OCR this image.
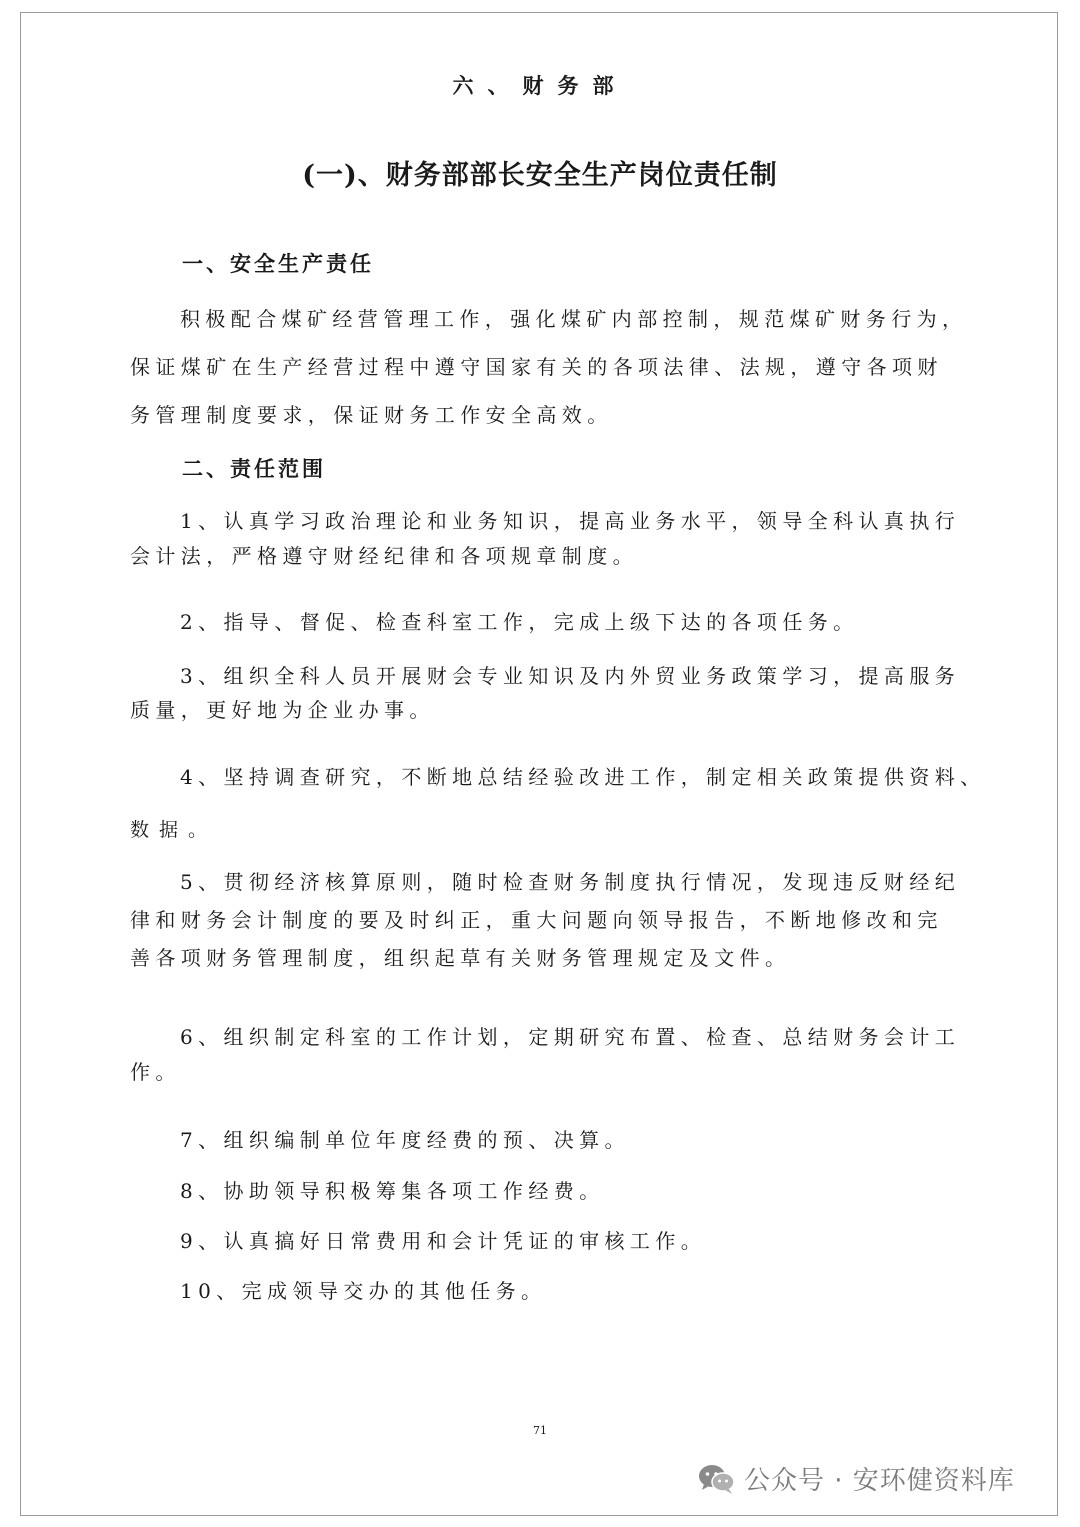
六、财务部
(一)、财务部部长安全生产岗位责任制

一、安全生产责任

积极配合煤矿经营管理工作，强化煤矿内部控制，规范煤矿财务行为，

保证煤矿在生产经营过程中遵守国家有关的各项法律、法规，遵守各项财

务管理制度要求，保证财务工作安全高效。

二、责任范围

1、认真学习政治理论和业务知识，提高业务水平，领导全科认真执行

会计法，严格遵守财经纪律和各项规章制度。

2、指导、督促、检查科室工作，完成上级下达的各项任务。

3、组织全科人员开展财会专业知识及内外贸业务政策学习，提高服务

质量，更好地为企业办事。

4、坚持调查研究，不断地总结经验改进工作，制定相关政策提供资料、

数据。

5、贯彻经济核算原则，随时检查财务制度执行情况，发现违反财经纪

律和财务会计制度的要及时纠正，重大问题向领导报告，不断地修改和完

善各项财务管理制度，组织起草有关财务管理规定及文件。

6、组织制定科室的工作计划，定期研究布置、检查、总结财务会计工

作。

7、组织编制单位年度经费的预、决算。

8、协助领导积极筹集各项工作经费。

9、认真搞好日常费用和会计凭证的审核工作。

10、完成领导交办的其他任务。

71

公众号 · 安环健资料库
